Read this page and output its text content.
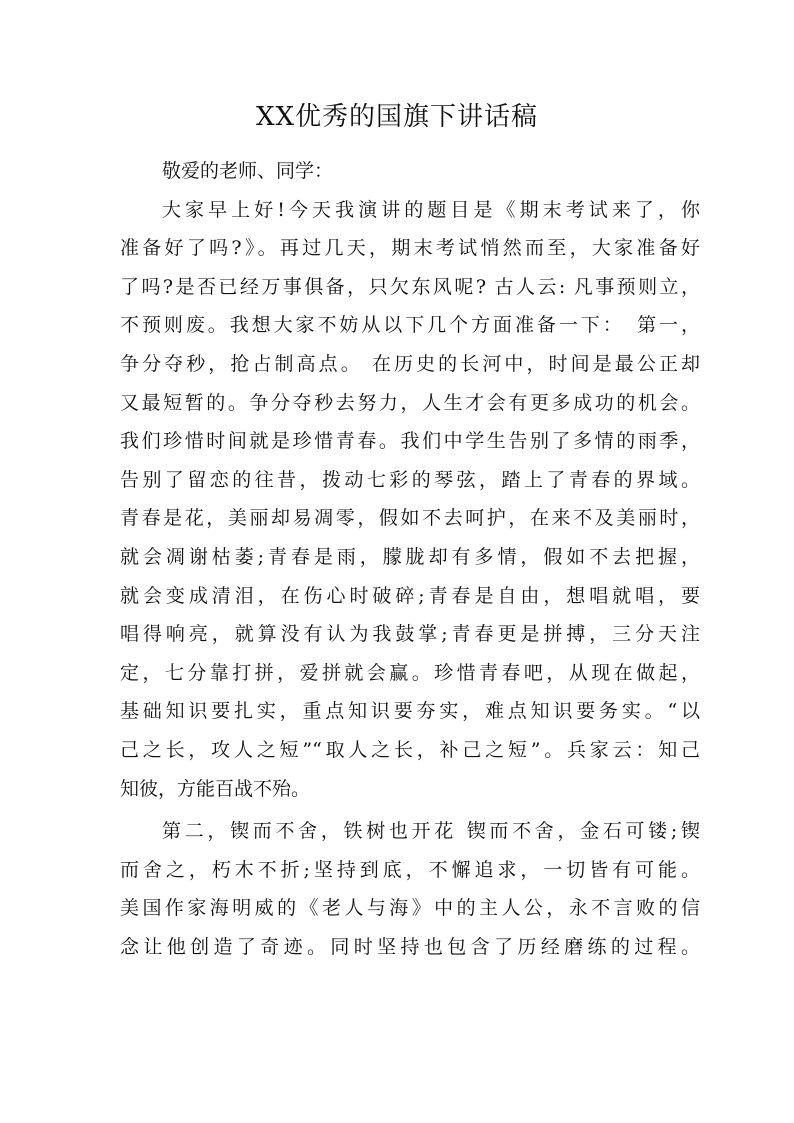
XX优秀的国旗下讲话稿
敬爱的老师、同学：
大家早上好!今天我演讲的题目是《期末考试来了，你
准备好了吗?》。再过几天，期末考试悄然而至，大家准备好
了吗?是否已经万事俱备，只欠东风呢? 古人云: 凡事预则立，
不预则废。我想大家不妨从以下几个方面准备一下：　第一，
争分夺秒，抢占制高点。 在历史的长河中，时间是最公正却
又最短暂的。争分夺秒去努力，人生才会有更多成功的机会。
我们珍惜时间就是珍惜青春。我们中学生告别了多情的雨季，
告别了留恋的往昔，拨动七彩的琴弦，踏上了青春的界域。
青春是花，美丽却易凋零，假如不去呵护，在来不及美丽时，
就会凋谢枯萎;青春是雨，朦胧却有多情，假如不去把握，
就会变成清泪，在伤心时破碎;青春是自由，想唱就唱，要
唱得响亮，就算没有认为我鼓掌;青春更是拼搏，三分天注
定，七分靠打拼，爱拼就会赢。珍惜青春吧，从现在做起，
基础知识要扎实，重点知识要夯实，难点知识要务实。“以
己之长，攻人之短”“取人之长，补己之短”。兵家云：知己
知彼，方能百战不殆。
第二，锲而不舍，铁树也开花 锲而不舍，金石可镂;锲
而舍之，朽木不折;坚持到底，不懈追求，一切皆有可能。
美国作家海明威的《老人与海》中的主人公，永不言败的信
念让他创造了奇迹。同时坚持也包含了历经磨练的过程。
